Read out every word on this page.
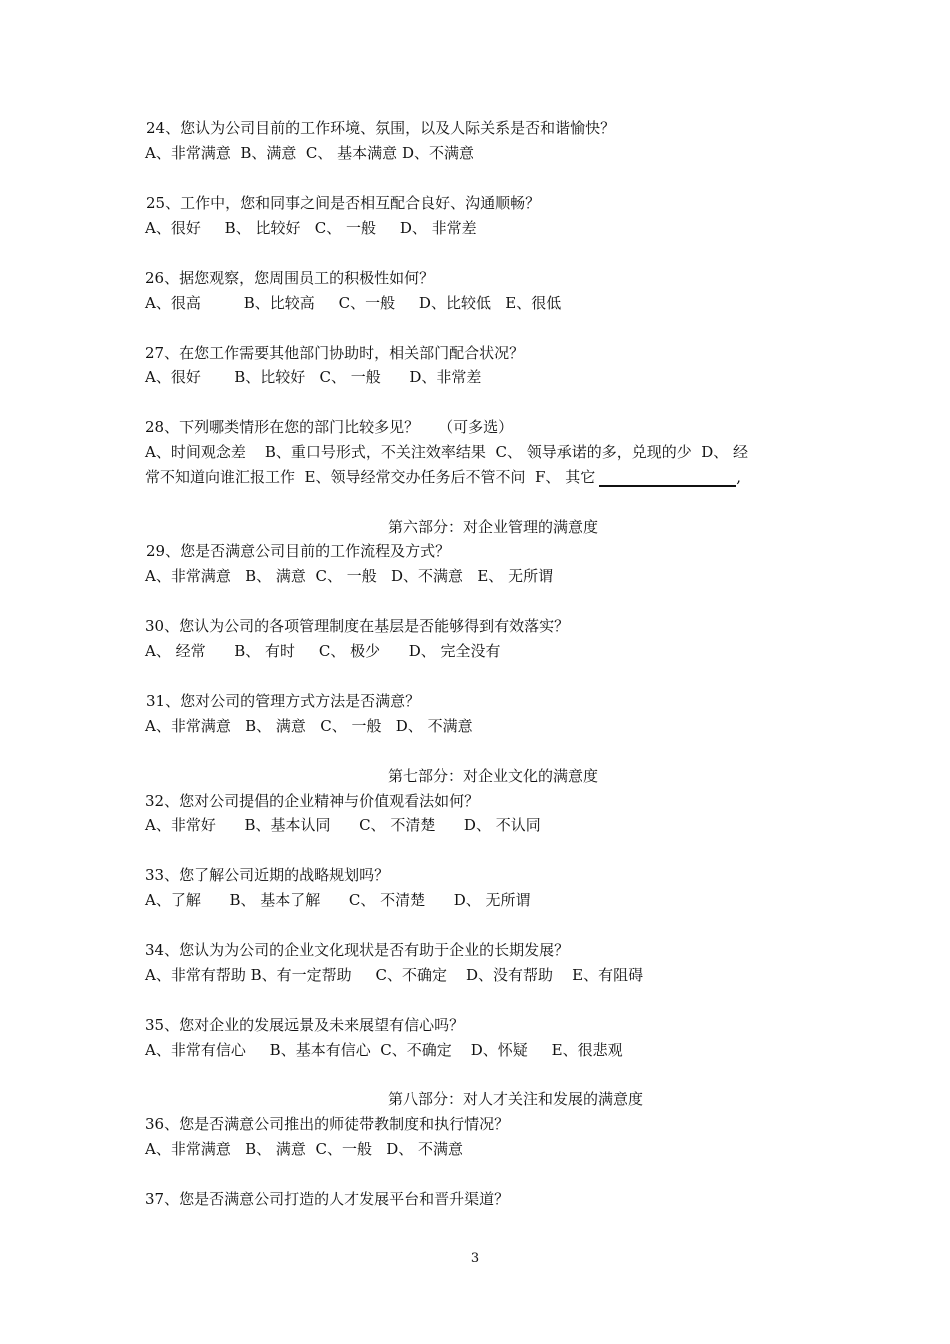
24、您认为公司目前的工作环境、氛围，以及人际关系是否和谐愉快？
A、非常满意  B、满意  C、 基本满意 D、不满意
25、工作中，您和同事之间是否相互配合良好、沟通顺畅？
A、很好     B、 比较好   C、 一般     D、 非常差
26、据您观察，您周围员工的积极性如何？
A、很高         B、比较高     C、一般     D、比较低   E、很低
27、在您工作需要其他部门协助时，相关部门配合状况？
A、很好       B、比较好   C、 一般      D、非常差
28、下列哪类情形在您的部门比较多见？    （可多选）
A、时间观念差    B、重口号形式，不关注效率结果  C、 领导承诺的多，兑现的少  D、 经
常不知道向谁汇报工作  E、领导经常交办任务后不管不问  F、 其它	,
第六部分：对企业管理的满意度
29、您是否满意公司目前的工作流程及方式？
A、非常满意   B、 满意  C、 一般   D、不满意   E、 无所谓
30、您认为公司的各项管理制度在基层是否能够得到有效落实？
A、 经常      B、 有时     C、 极少      D、 完全没有
31、您对公司的管理方式方法是否满意？
A、非常满意   B、 满意   C、 一般   D、 不满意
第七部分：对企业文化的满意度
32、您对公司提倡的企业精神与价值观看法如何？
A、非常好      B、基本认同      C、 不清楚      D、 不认同
33、您了解公司近期的战略规划吗？
A、了解      B、 基本了解      C、 不清楚      D、 无所谓
34、您认为为公司的企业文化现状是否有助于企业的长期发展？
A、非常有帮助 B、有一定帮助     C、不确定    D、没有帮助    E、有阻碍
35、您对企业的发展远景及未来展望有信心吗？
A、非常有信心     B、基本有信心  C、不确定    D、怀疑     E、很悲观
第八部分：对人才关注和发展的满意度
36、您是否满意公司推出的师徒带教制度和执行情况？
A、非常满意   B、 满意  C、一般   D、 不满意
37、您是否满意公司打造的人才发展平台和晋升渠道？
3
